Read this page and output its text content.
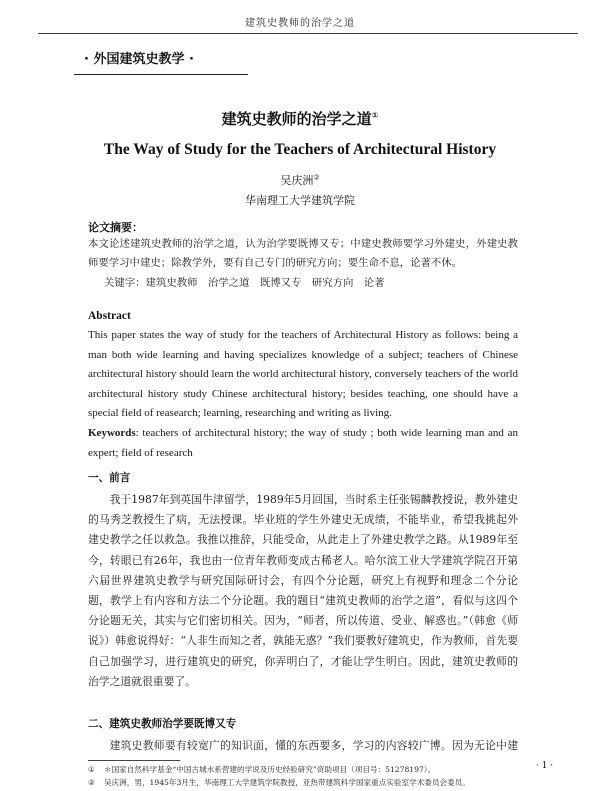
建筑史教师的治学之道
· 外国建筑史教学 ·
建筑史教师的治学之道①
The Way of Study for the Teachers of Architectural History
吴庆洲②
华南理工大学建筑学院
论文摘要：
本文论述建筑史教师的治学之道，认为治学要既博又专；中建史教师要学习外建史，外建史教师要学习中建史；除教学外，要有自己专门的研究方向；要生命不息，论著不休。
关键字：建筑史教师　治学之道　既博又专　研究方向　论著
Abstract
This paper states the way of study for the teachers of Architectural History as follows: being a man both wide learning and having specializes knowledge of a subject; teachers of Chinese architectural history should learn the world architectural history, conversely teachers of the world architectural history study Chinese architectural history; besides teaching, one should have a special field of reasearch; learning, researching and writing as living.
Keywords: teachers of architectural history; the way of study ; both wide learning man and an expert; field of research
一、前言
我于1987年到英国牛津留学，1989年5月回国，当时系主任张锡麟教授说，教外建史的马秀芝教授生了病，无法授课。毕业班的学生外建史无成绩，不能毕业，希望我挑起外建史教学之任以救急。我推以推辞，只能受命，从此走上了外建史教学之路。从1989年至今，转眼已有26年，我也由一位青年教师变成古稀老人。哈尔滨工业大学建筑学院召开第六届世界建筑史教学与研究国际研讨会，有四个分论题，研究上有视野和理念二个分论题，教学上有内容和方法二个分论题。我的题目“建筑史教师的治学之道”，看似与这四个分论题无关，其实与它们密切相关。因为，“师者，所以传道、受业、解惑也。”（韩愈《师说》）韩愈说得好：“人非生而知之者，孰能无惑？”我们要教好建筑史，作为教师，首先要自己加强学习，进行建筑史的研究，你弄明白了，才能让学生明白。因此，建筑史教师的治学之道就很重要了。
二、建筑史教师治学要既博又专
建筑史教师要有较宽广的知识面，懂的东西要多，学习的内容较广博。因为无论中建
① ＊国家自然科学基金“中国古城水系营建的学说及历史经验研究”资助项目（项目号：51278197）。
② 吴庆洲，男，1945年3月生，华南理工大学建筑学院教授，亚热带建筑科学国家重点实验室学术委员会委员。
· 1 ·
